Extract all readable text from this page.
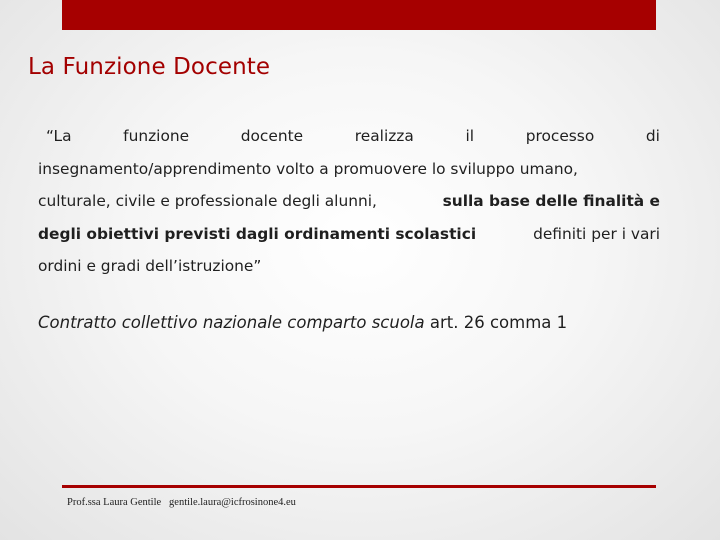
La Funzione Docente
“La	funzione	docente	realizza	il	processo	di
insegnamento/apprendimento volto a promuovere lo sviluppo umano,
culturale, civile e professionale degli alunni,	sulla base delle finalità e
degli obiettivi previsti dagli ordinamenti scolastici	definiti per i vari
ordini e gradi dell’istruzione”
Contratto collettivo nazionale comparto scuola art. 26 comma 1
Prof.ssa Laura Gentile   gentile.laura@icfrosinone4.eu
